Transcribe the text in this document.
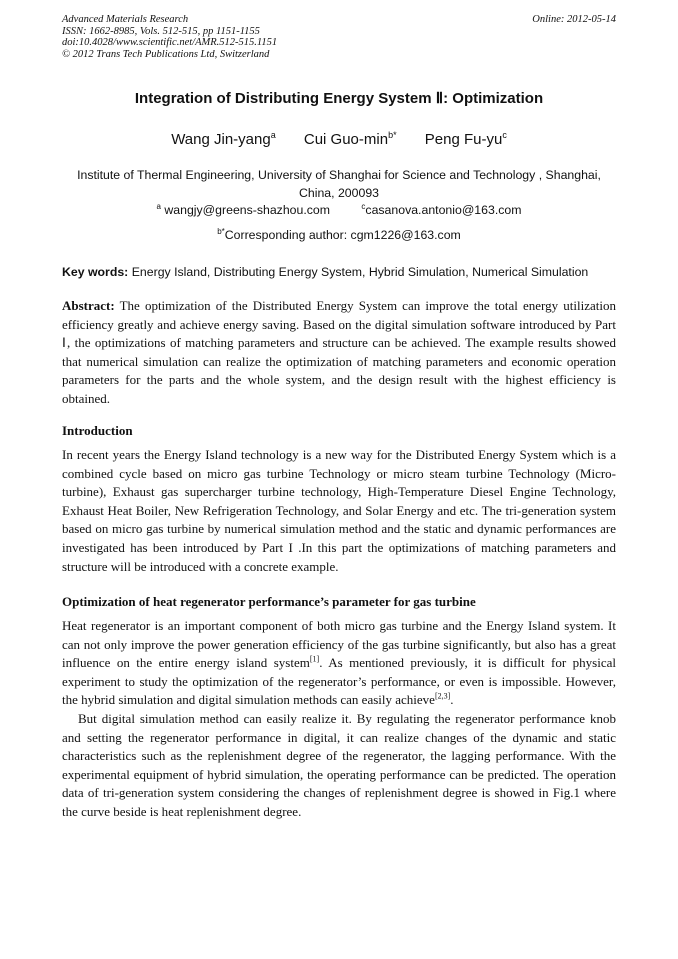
Advanced Materials Research	Online: 2012-05-14
ISSN: 1662-8985, Vols. 512-515, pp 1151-1155
doi:10.4028/www.scientific.net/AMR.512-515.1151
© 2012 Trans Tech Publications Ltd, Switzerland
Integration of Distributing Energy System Ⅱ: Optimization
Wang Jin-yang$^a$ Cui Guo-$\min^{b*}$ Peng $Fu-yu^c$
Institute of Thermal Engineering, University of Shanghai for Science and Technology , Shanghai, China, 200093
$^a$ wangjy@greens-shazhou.com	$^c$casanova.antonio@163.com
$^{b*}$Corresponding author: cgm1226@163.com
Key words: Energy Island, Distributing Energy System, Hybrid Simulation, Numerical Simulation
Abstract: The optimization of the Distributed Energy System can improve the total energy utilization efficiency greatly and achieve energy saving. Based on the digital simulation software introduced by Part Ⅰ, the optimizations of matching parameters and structure can be achieved. The example results showed that numerical simulation can realize the optimization of matching parameters and economic operation parameters for the parts and the whole system, and the design result with the highest efficiency is obtained.
Introduction
In recent years the Energy Island technology is a new way for the Distributed Energy System which is a combined cycle based on micro gas turbine Technology or micro steam turbine Technology (Micro-turbine), Exhaust gas supercharger turbine technology, High-Temperature Diesel Engine Technology, Exhaust Heat Boiler, New Refrigeration Technology, and Solar Energy and etc. The tri-generation system based on micro gas turbine by numerical simulation method and the static and dynamic performances are investigated has been introduced by Part I .In this part the optimizations of matching parameters and structure will be introduced with a concrete example.
Optimization of heat regenerator performance’s parameter for gas turbine

Heat regenerator is an important component of both micro gas turbine and the Energy Island system. It can not only improve the power generation efficiency of the gas turbine significantly, but also has a great influence on the entire energy island system[1]. As mentioned previously, it is difficult for physical experiment to study the optimization of the regenerator’s performance, or even is impossible. However, the hybrid simulation and digital simulation methods can easily achieve[2,3].

But digital simulation method can easily realize it. By regulating the regenerator performance knob and setting the regenerator performance in digital, it can realize changes of the dynamic and static characteristics such as the replenishment degree of the regenerator, the lagging performance. With the experimental equipment of hybrid simulation, the operating performance can be predicted. The operation data of tri-generation system considering the changes of replenishment degree is showed in Fig.1 where the curve beside is heat replenishment degree.
